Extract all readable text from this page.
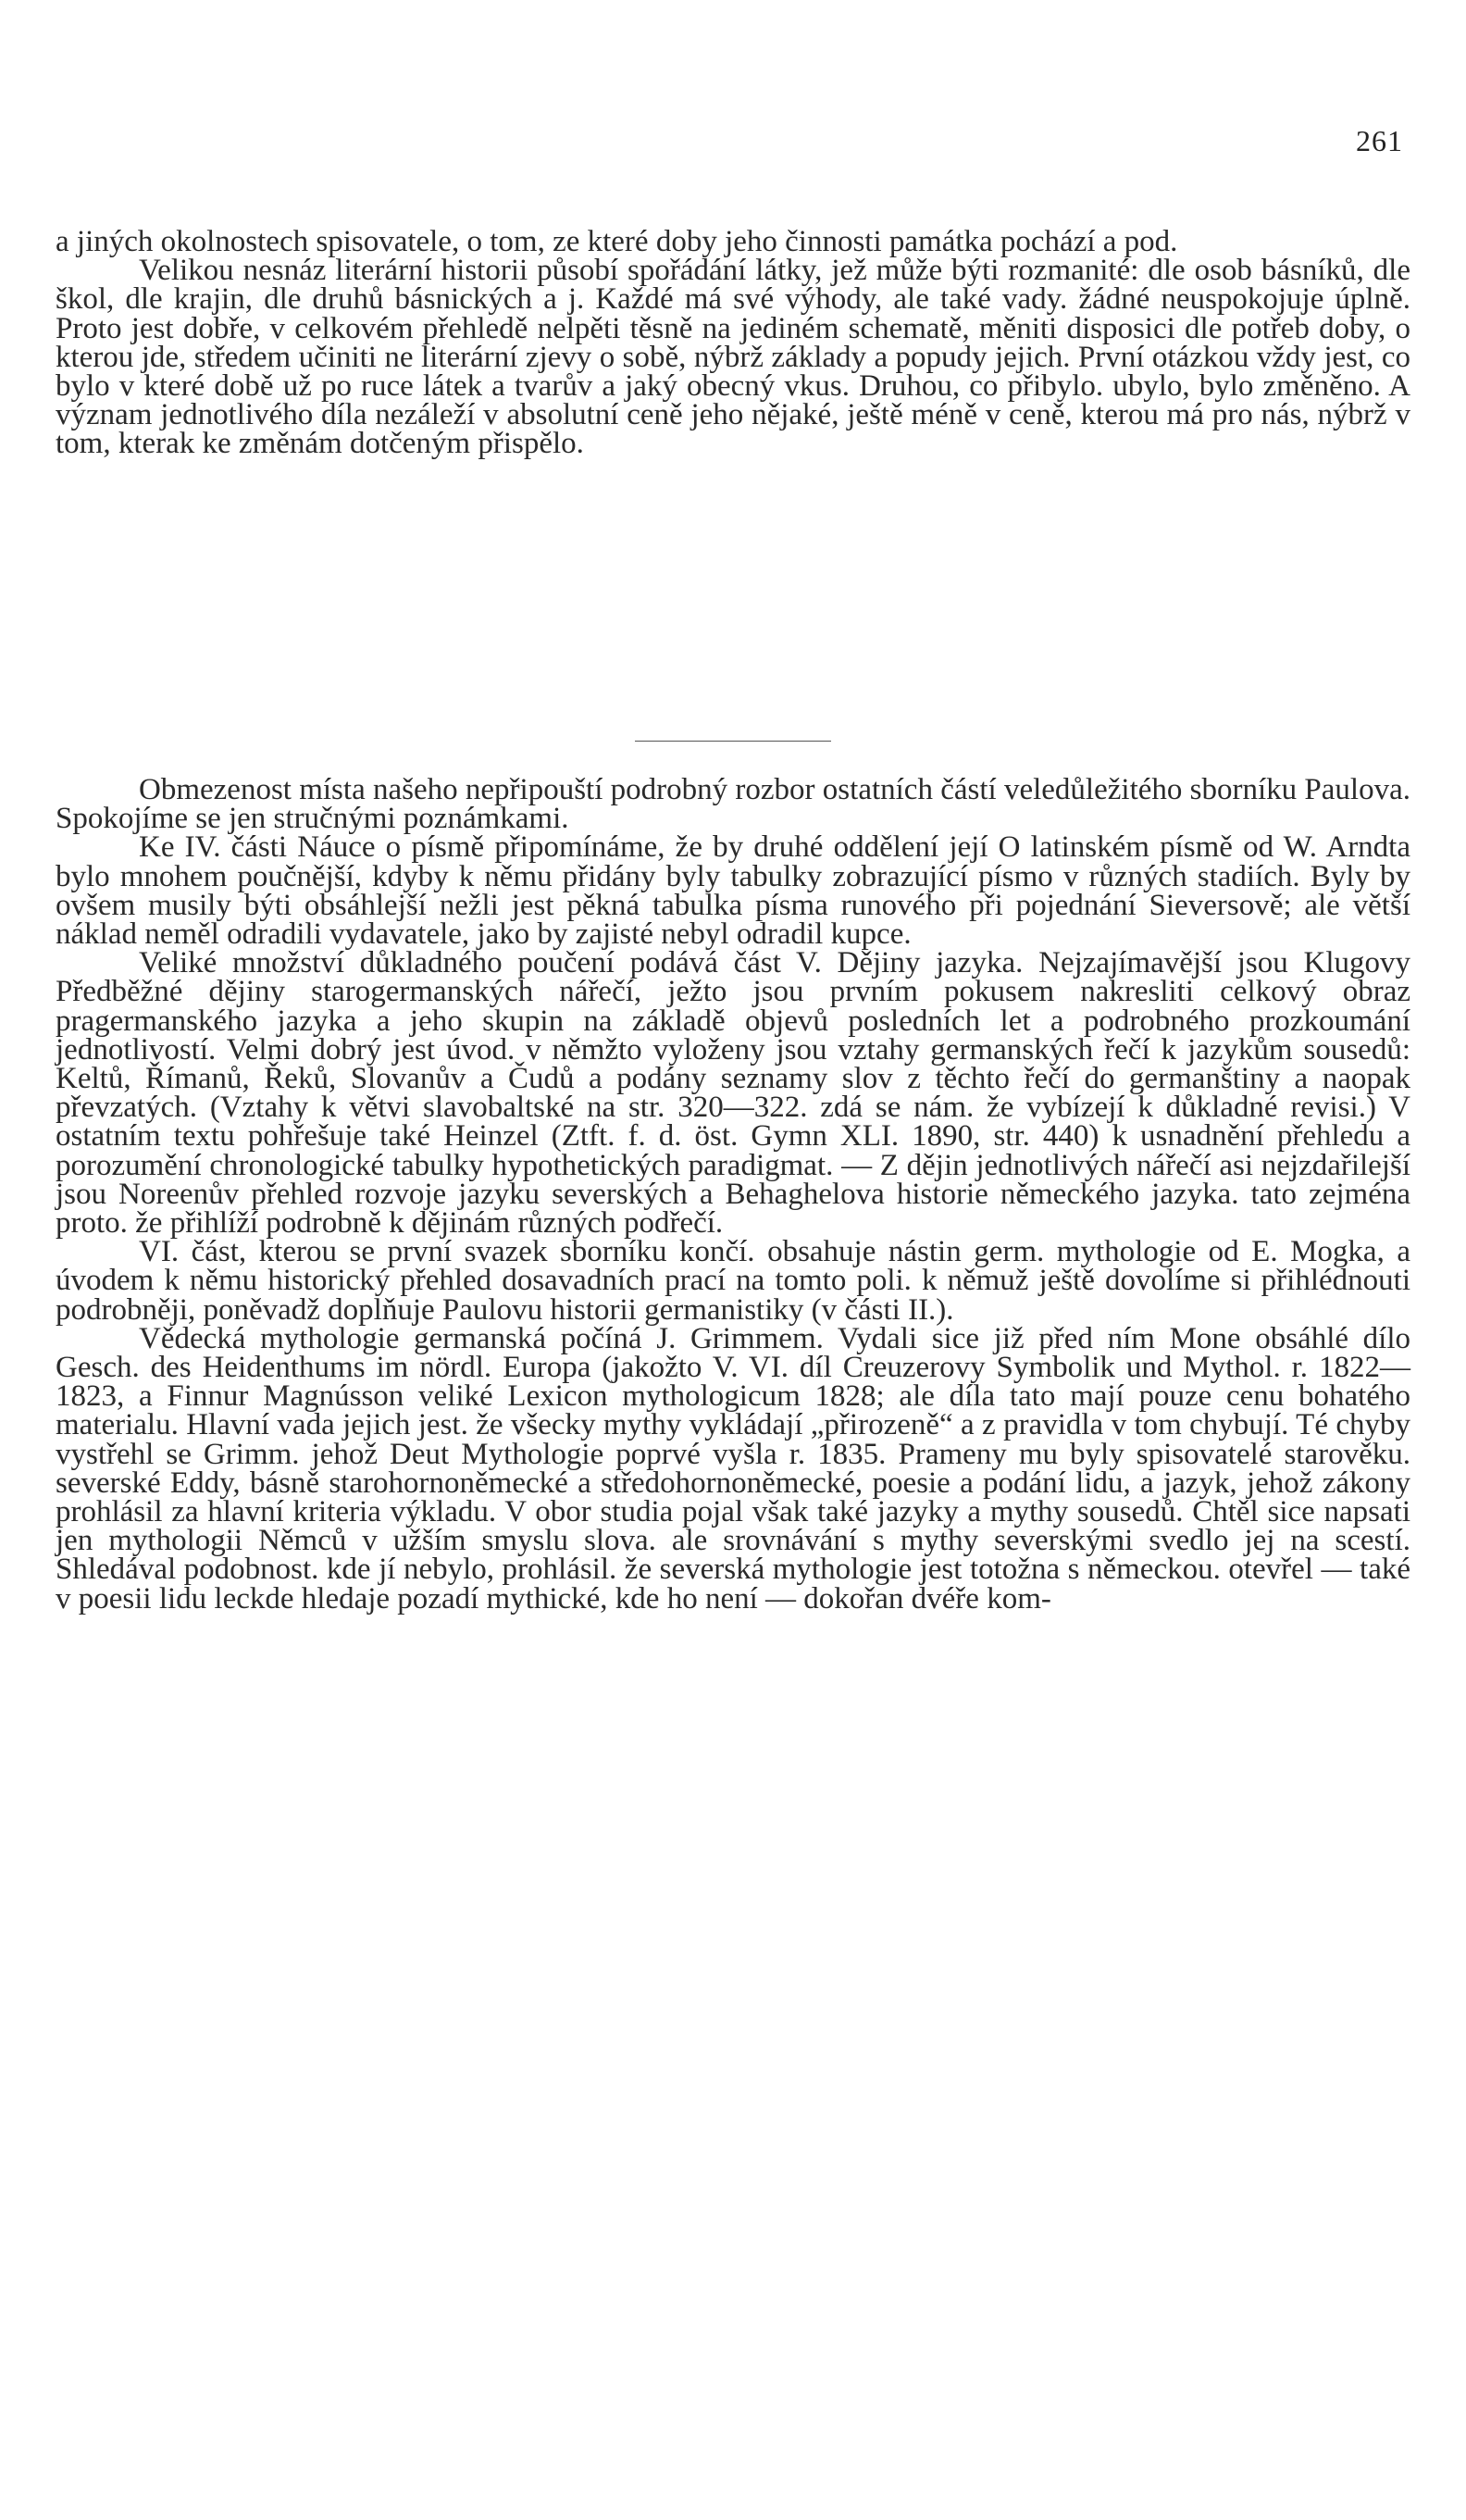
261

a jiných okolnostech spisovatele, o tom, ze které doby jeho činnosti památka pochází a pod.

Velikou nesnáz literární historii působí spořádání látky, jež může býti rozmanité: dle osob básníků, dle škol, dle krajin, dle druhů básnických a j. Každé má své výhody, ale také vady. žádné neuspokojuje úplně. Proto jest dobře, v celkovém přehledě nelpěti těsně na jediném schematě, měniti disposici dle potřeb doby, o kterou jde, středem učiniti ne literární zjevy o sobě, nýbrž základy a popudy jejich. První otázkou vždy jest, co bylo v které době už po ruce látek a tvarův a jaký obecný vkus. Druhou, co přibylo. ubylo, bylo změněno. A význam jednotlivého díla nezáleží v absolutní ceně jeho nějaké, ještě méně v ceně, kterou má pro nás, nýbrž v tom, kterak ke změnám dotčeným přispělo.

Obmezenost místa našeho nepřipouští podrobný rozbor ostatních částí veledůležitého sborníku Paulova. Spokojíme se jen stručnými poznámkami.

Ke IV. části Náuce o písmě připomínáme, že by druhé oddělení její O latinském písmě od W. Arndta bylo mnohem poučnější, kdyby k němu přidány byly tabulky zobrazující písmo v různých stadiích. Byly by ovšem musily býti obsáhlejší nežli jest pěkná tabulka písma runového při pojednání Sieversově; ale větší náklad neměl odradili vydavatele, jako by zajisté nebyl odradil kupce.

Veliké množství důkladného poučení podává část V. Dějiny jazyka. Nejzajímavější jsou Klugovy Předběžné dějiny starogermanských nářečí, ježto jsou prvním pokusem nakresliti celkový obraz pragermanského jazyka a jeho skupin na základě objevů posledních let a podrobného prozkoumání jednotlivostí. Velmi dobrý jest úvod. v němžto vyloženy jsou vztahy germanských řečí k jazykům sousedů: Keltů, Římanů, Řeků, Slovanův a Čudů a podány seznamy slov z těchto řečí do germanštiny a naopak převzatých. (Vztahy k větvi slavobaltské na str. 320—322. zdá se nám. že vybízejí k důkladné revisi.) V ostatním textu pohřešuje také Heinzel (Ztft. f. d. öst. Gymn XLI. 1890, str. 440) k usnadnění přehledu a porozumění chronologické tabulky hypothetických paradigmat. — Z dějin jednotlivých nářečí asi nejzdařilejší jsou Noreenův přehled rozvoje jazyku severských a Behaghelova historie německého jazyka. tato zejména proto. že přihlíží podrobně k dějinám různých podřečí.

VI. část, kterou se první svazek sborníku končí. obsahuje nástin germ. mythologie od E. Mogka, a úvodem k němu historický přehled dosavadních prací na tomto poli. k němuž ještě dovolíme si přihlédnouti podrobněji, poněvadž doplňuje Paulovu historii germanistiky (v části II.).

Vědecká mythologie germanská počíná J. Grimmem. Vydali sice již před ním Mone obsáhlé dílo Gesch. des Heidenthums im nördl. Europa (jakožto V. VI. díl Creuzerovy Symbolik und Mythol. r. 1822—1823, a Finnur Magnússon veliké Lexicon mythologicum 1828; ale díla tato mají pouze cenu bohatého materialu. Hlavní vada jejich jest. že všecky mythy vykládají „přirozeně“ a z pravidla v tom chybují. Té chyby vystřehl se Grimm. jehož Deut Mythologie poprvé vyšla r. 1835. Prameny mu byly spisovatelé starověku. severské Eddy, básně starohornoněmecké a středohornoněmecké, poesie a podání lidu, a jazyk, jehož zákony prohlásil za hlavní kriteria výkladu. V obor studia pojal však také jazyky a mythy sousedů. Chtěl sice napsati jen mythologii Němců v užším smyslu slova. ale srovnávání s mythy severskými svedlo jej na scestí. Shledával podobnost. kde jí nebylo, prohlásil. že severská mythologie jest totožna s německou. otevřel — také v poesii lidu leckde hledaje pozadí mythické, kde ho není — dokořan dvéře kom-
